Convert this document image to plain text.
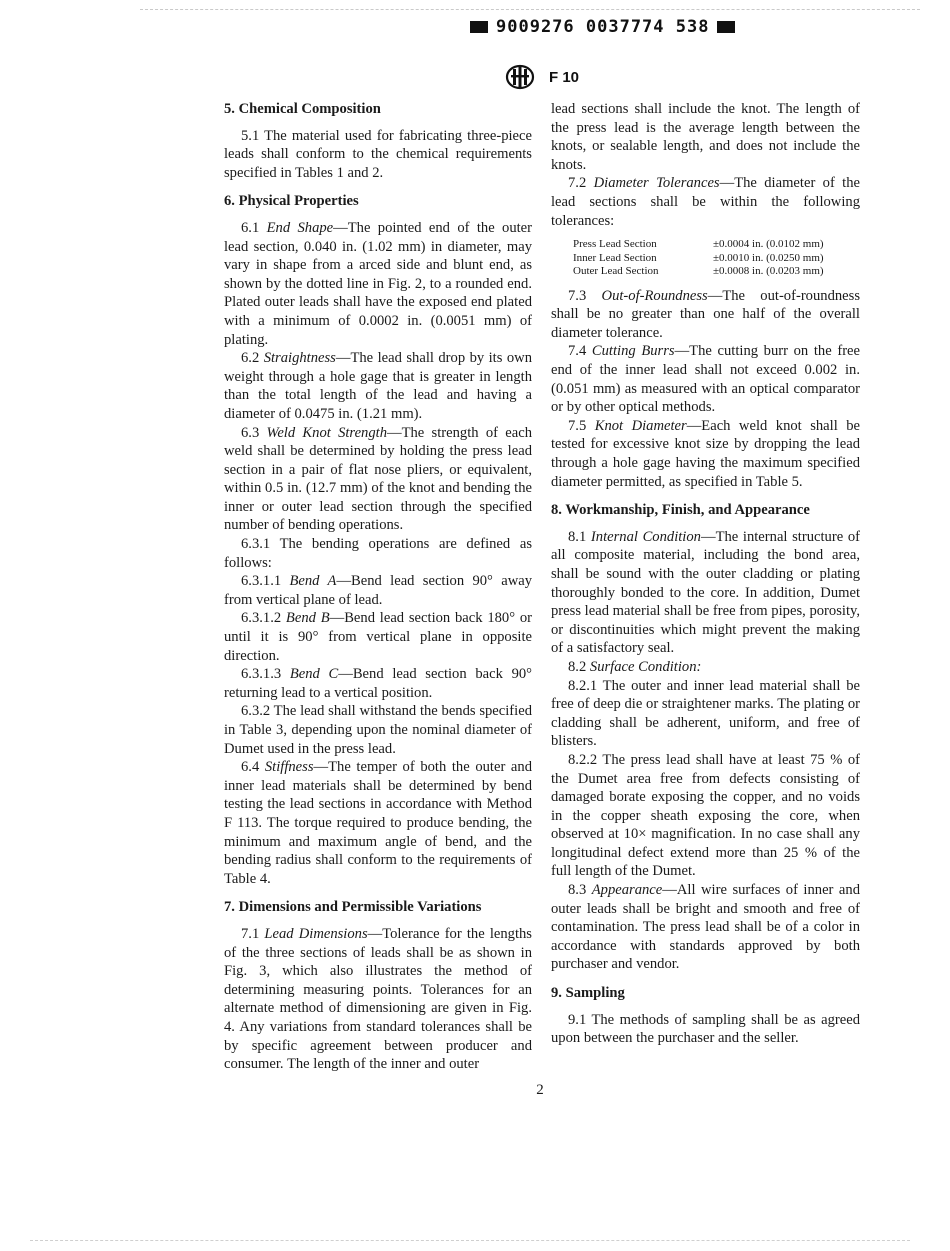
9009276 0037774 538
F 10
5. Chemical Composition

5.1 The material used for fabricating three-piece leads shall conform to the chemical requirements specified in Tables 1 and 2.

6. Physical Properties

6.1 End Shape—The pointed end of the outer lead section, 0.040 in. (1.02 mm) in diameter, may vary in shape from a arced side and blunt end, as shown by the dotted line in Fig. 2, to a rounded end. Plated outer leads shall have the exposed end plated with a minimum of 0.0002 in. (0.0051 mm) of plating.

6.2 Straightness—The lead shall drop by its own weight through a hole gage that is greater in length than the total length of the lead and having a diameter of 0.0475 in. (1.21 mm).

6.3 Weld Knot Strength—The strength of each weld shall be determined by holding the press lead section in a pair of flat nose pliers, or equivalent, within 0.5 in. (12.7 mm) of the knot and bending the inner or outer lead section through the specified number of bending operations.

6.3.1 The bending operations are defined as follows:

6.3.1.1 Bend A—Bend lead section 90° away from vertical plane of lead.

6.3.1.2 Bend B—Bend lead section back 180° or until it is 90° from vertical plane in opposite direction.

6.3.1.3 Bend C—Bend lead section back 90° returning lead to a vertical position.

6.3.2 The lead shall withstand the bends specified in Table 3, depending upon the nominal diameter of Dumet used in the press lead.

6.4 Stiffness—The temper of both the outer and inner lead materials shall be determined by bend testing the lead sections in accordance with Method F 113. The torque required to produce bending, the minimum and maximum angle of bend, and the bending radius shall conform to the requirements of Table 4.

7. Dimensions and Permissible Variations

7.1 Lead Dimensions—Tolerance for the lengths of the three sections of leads shall be as shown in Fig. 3, which also illustrates the method of determining measuring points. Tolerances for an alternate method of dimensioning are given in Fig. 4. Any variations from standard tolerances shall be by specific agreement between producer and consumer. The length of the inner and outer

lead sections shall include the knot. The length of the press lead is the average length between the knots, or sealable length, and does not include the knots.

7.2 Diameter Tolerances—The diameter of the lead sections shall be within the following tolerances:

Press Lead Section	±0.0004 in. (0.0102 mm)
Inner Lead Section	±0.0010 in. (0.0250 mm)
Outer Lead Section	±0.0008 in. (0.0203 mm)

7.3 Out-of-Roundness—The out-of-roundness shall be no greater than one half of the overall diameter tolerance.

7.4 Cutting Burrs—The cutting burr on the free end of the inner lead shall not exceed 0.002 in. (0.051 mm) as measured with an optical comparator or by other optical methods.

7.5 Knot Diameter—Each weld knot shall be tested for excessive knot size by dropping the lead through a hole gage having the maximum specified diameter permitted, as specified in Table 5.

8. Workmanship, Finish, and Appearance

8.1 Internal Condition—The internal structure of all composite material, including the bond area, shall be sound with the outer cladding or plating thoroughly bonded to the core. In addition, Dumet press lead material shall be free from pipes, porosity, or discontinuities which might prevent the making of a satisfactory seal.

8.2 Surface Condition:

8.2.1 The outer and inner lead material shall be free of deep die or straightener marks. The plating or cladding shall be adherent, uniform, and free of blisters.

8.2.2 The press lead shall have at least 75 % of the Dumet area free from defects consisting of damaged borate exposing the copper, and no voids in the copper sheath exposing the core, when observed at 10× magnification. In no case shall any longitudinal defect extend more than 25 % of the full length of the Dumet.

8.3 Appearance—All wire surfaces of inner and outer leads shall be bright and smooth and free of contamination. The press lead shall be of a color in accordance with standards approved by both purchaser and vendor.

9. Sampling

9.1 The methods of sampling shall be as agreed upon between the purchaser and the seller.

2
